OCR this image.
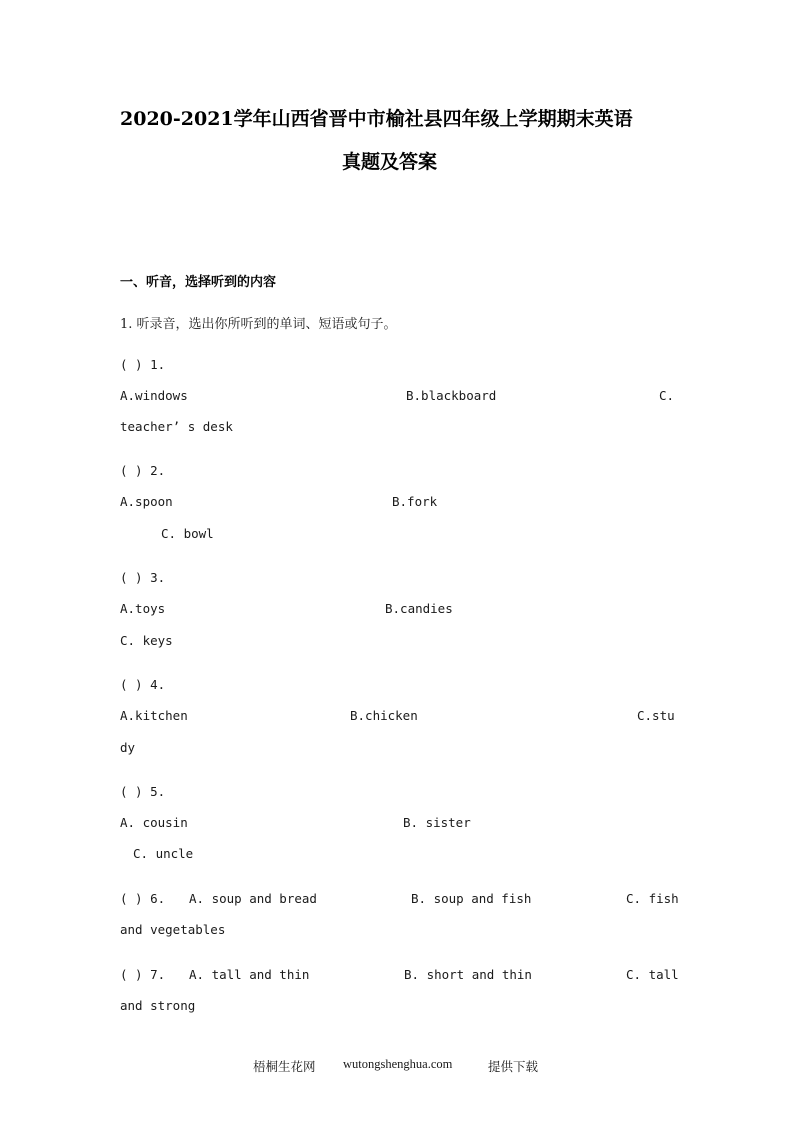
2020-2021学年山西省晋中市榆社县四年级上学期期末英语
真题及答案
一、听音，选择听到的内容
1. 听录音，选出你所听到的单词、短语或句子。
( ) 1.
A.windows	B.blackboard	C.
teacher’ s desk
( ) 2.
A.spoon	B.fork
C. bowl
( ) 3.
A.toys	B.candies
C. keys
( ) 4.
A.kitchen	B.chicken	C.stu
dy
( ) 5.
A. cousin	B. sister
C. uncle
( ) 6. A. soup and bread	B. soup and fish	C. fish
and vegetables
( ) 7. A. tall and thin	B. short and thin	C. tall
and strong
梧桐生花网 wutongshenghua.com	提供下载
